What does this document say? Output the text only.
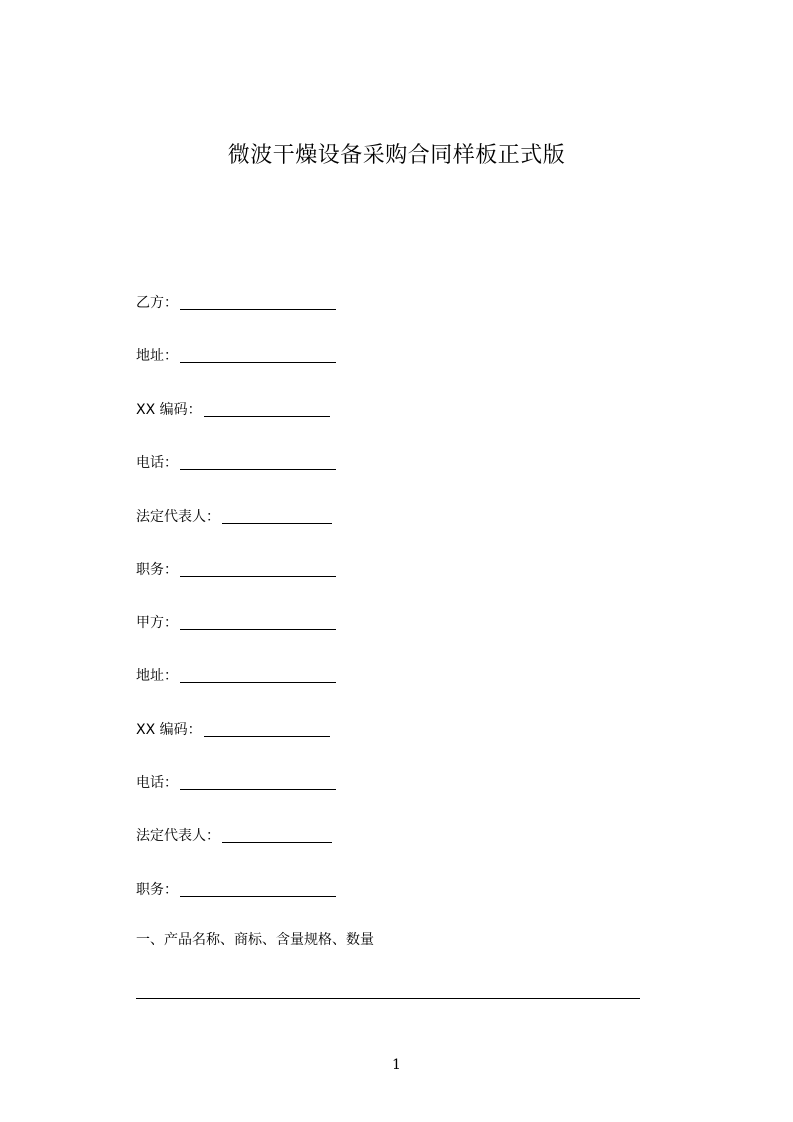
微波干燥设备采购合同样板正式版
乙方：
地址：
XX 编码：
电话：
法定代表人：
职务：
甲方：
地址：
XX 编码：
电话：
法定代表人：
职务：
一、产品名称、商标、含量规格、数量
1
